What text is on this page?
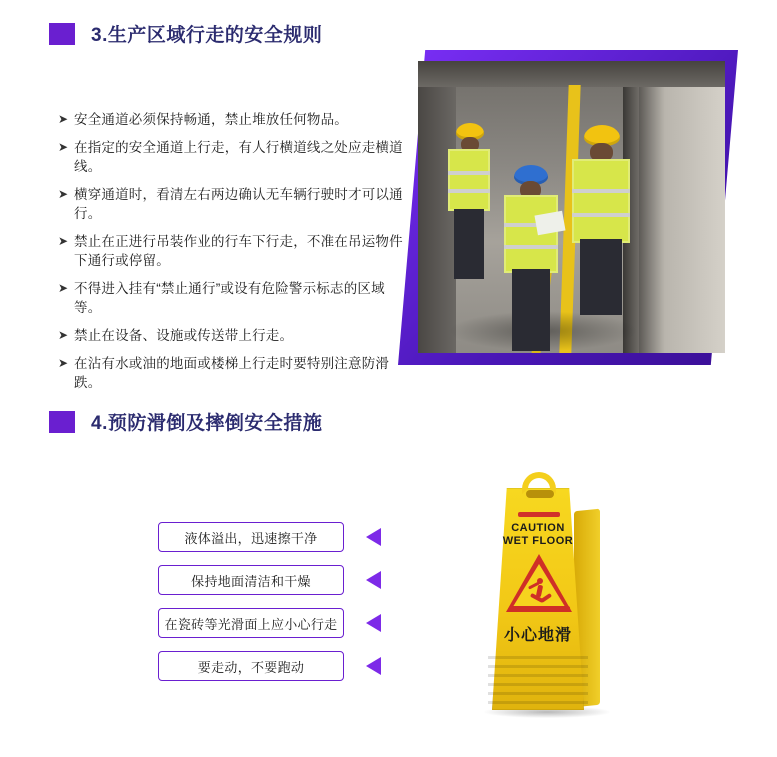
3.生产区域行走的安全规则
➤ 安全通道必须保持畅通，禁止堆放任何物品。
➤ 在指定的安全通道上行走，有人行横道线之处应走横道线。
➤ 横穿通道时，看清左右两边确认无车辆行驶时才可以通行。
➤ 禁止在正进行吊装作业的行车下行走，不准在吊运物件下通行或停留。
➤ 不得进入挂有“禁止通行”或设有危险警示标志的区域等。
➤ 禁止在设备、设施或传送带上行走。
➤ 在沾有水或油的地面或楼梯上行走时要特别注意防滑跌。
4.预防滑倒及摔倒安全措施
液体溢出，迅速擦干净
保持地面清洁和干燥
在瓷砖等光滑面上应小心行走
要走动，不要跑动
CAUTION
WET FLOOR
小心地滑
